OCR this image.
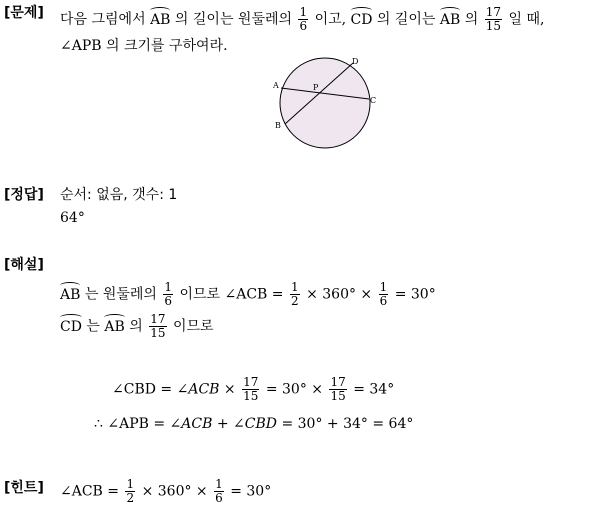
[문제] 다음 그림에서 AB 의 길이는 원둘레의 $\frac{1}{6}$ 이고, CD 의 길이는 AB 의 $\frac{17}{15}$ 일 때,
∠APB 의 크기를 구하여라.
A
B
C
D
P
[정답] 순서: 없음, 갯수: 1
64°
[해설]
AB 는 원둘레의 $\frac{1}{6}$ 이므로 ∠ACB = $\frac{1}{2} \times 360^\circ \times \frac{1}{6} = 30^\circ$
CD 는 AB 의 $\frac{17}{15}$ 이므로
∠CBD = ∠ACB × $\frac{17}{15} = 30^\circ \times \frac{17}{15} = 34^\circ$
∴ ∠APB = ∠ACB + ∠CBD = 30° + 34° = 64°
[힌트] ∠ACB = $\frac{1}{2} \times 360^\circ \times \frac{1}{6} = 30^\circ$
